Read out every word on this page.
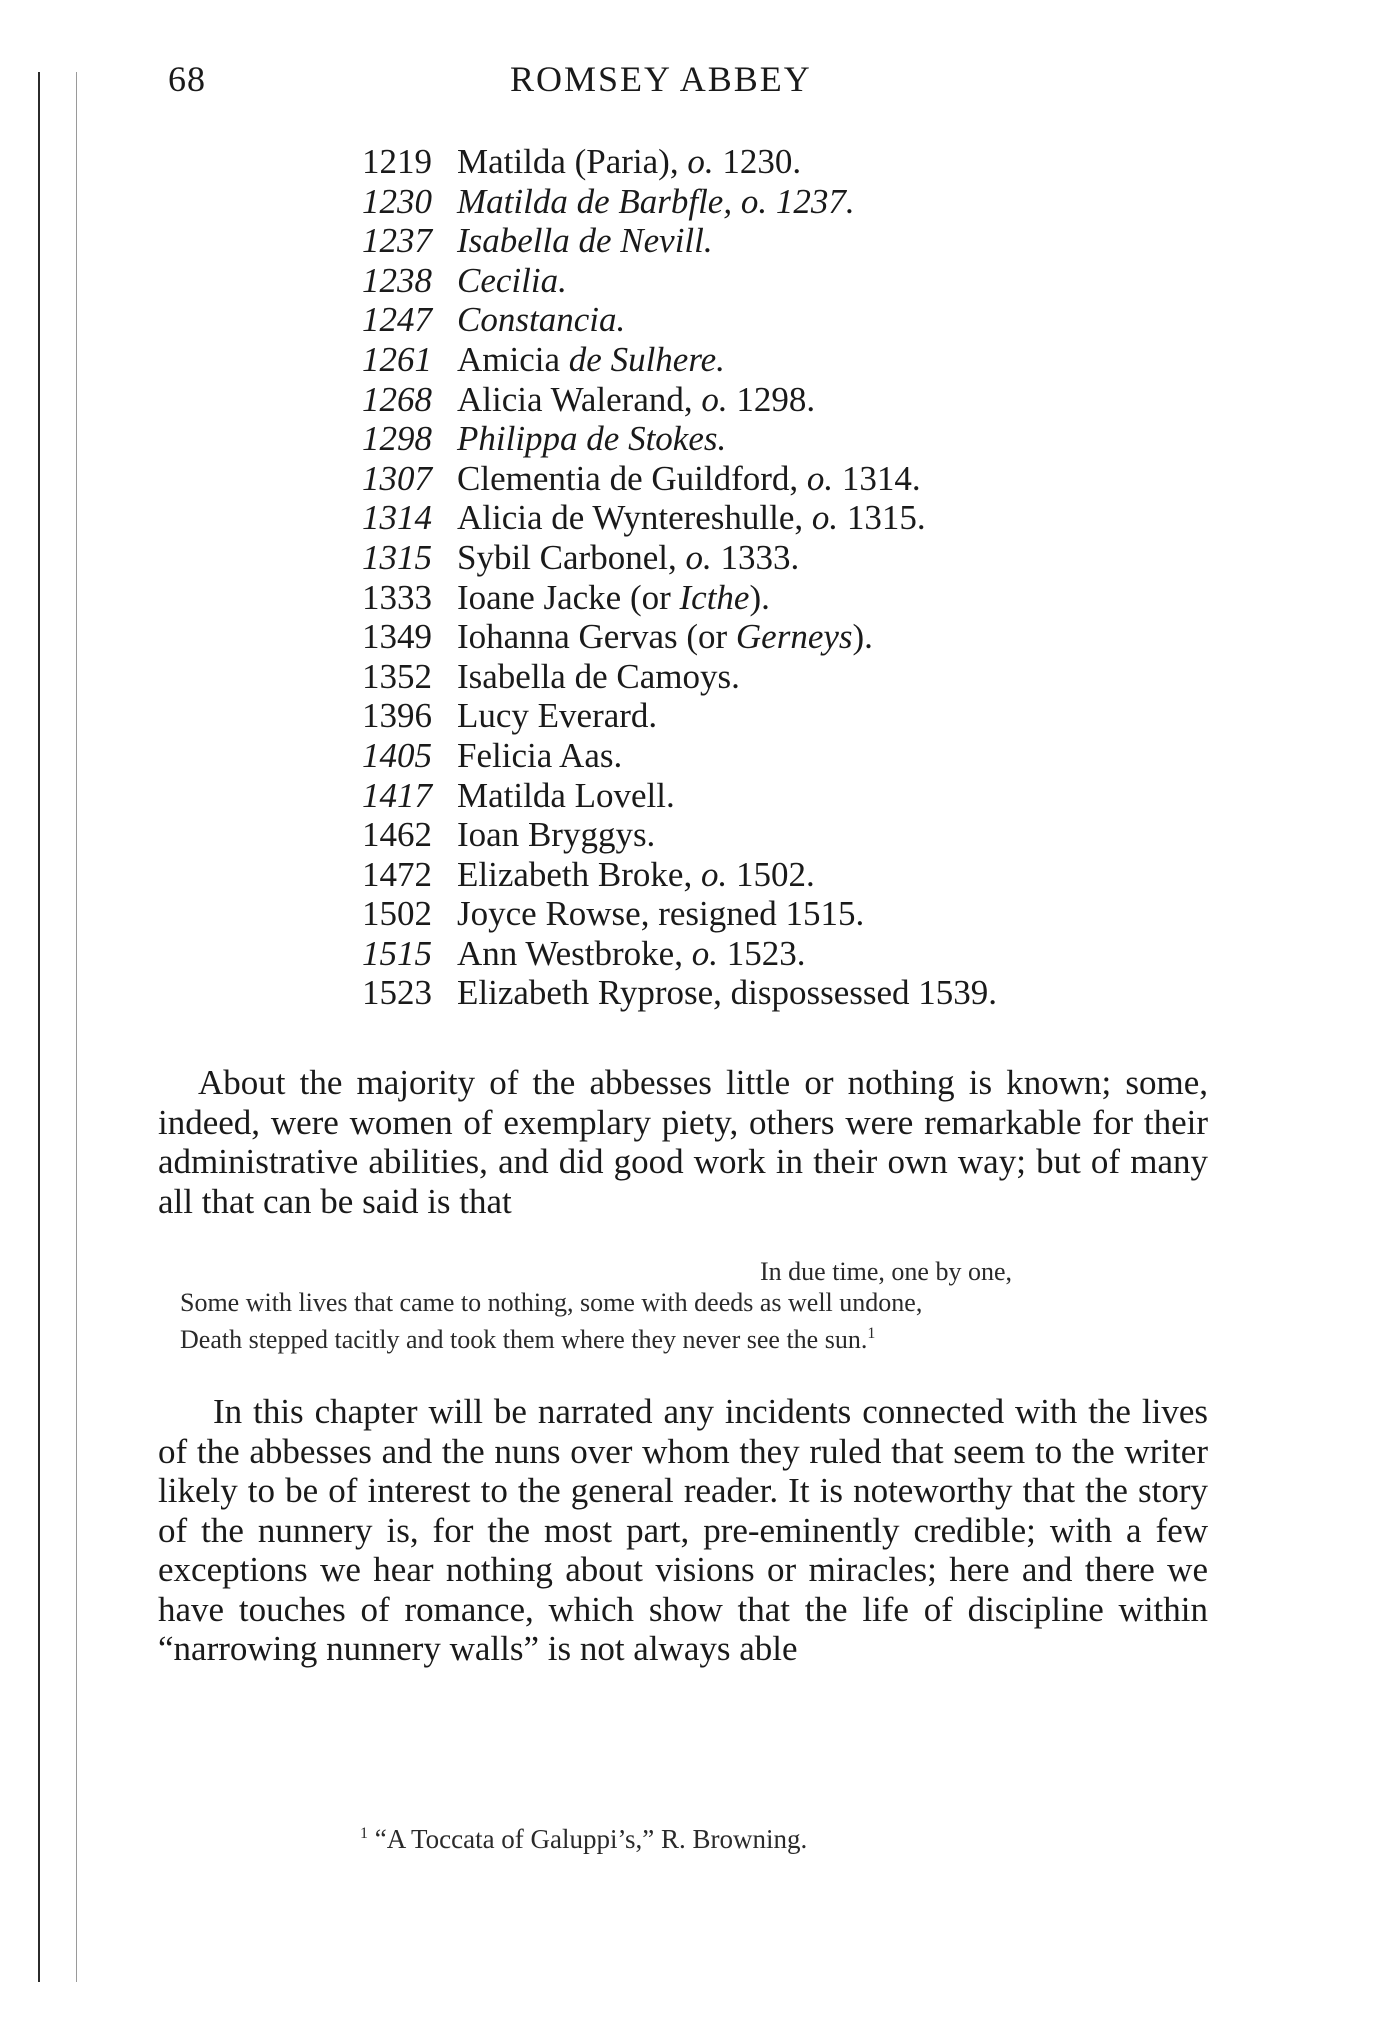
68	ROMSEY ABBEY
1219 Matilda (Paria), o. 1230.
1230 Matilda de Barbfle, o. 1237.
1237 Isabella de Nevill.
1238 Cecilia.
1247 Constancia.
1261 Amicia de Sulhere.
1268 Alicia Walerand, o. 1298.
1298 Philippa de Stokes.
1307 Clementia de Guildford, o. 1314.
1314 Alicia de Wyntereshulle, o. 1315.
1315 Sybil Carbonel, o. 1333.
1333 Ioane Jacke (or Icthe).
1349 Iohanna Gervas (or Gerneys).
1352 Isabella de Camoys.
1396 Lucy Everard.
1405 Felicia Aas.
1417 Matilda Lovell.
1462 Ioan Bryggys.
1472 Elizabeth Broke, o. 1502.
1502 Joyce Rowse, resigned 1515.
1515 Ann Westbroke, o. 1523.
1523 Elizabeth Ryprose, dispossessed 1539.

About the majority of the abbesses little or nothing is known; some, indeed, were women of exemplary piety, others were remarkable for their administrative abilities, and did good work in their own way; but of many all that can be said is that

In due time, one by one,
Some with lives that came to nothing, some with deeds as well undone,
Death stepped tacitly and took them where they never see the sun.$^1$

In this chapter will be narrated any incidents connected with the lives of the abbesses and the nuns over whom they ruled that seem to the writer likely to be of interest to the general reader. It is noteworthy that the story of the nunnery is, for the most part, pre-eminently credible; with a few exceptions we hear nothing about visions or miracles; here and there we have touches of romance, which show that the life of discipline within “narrowing nunnery walls” is not always able

$^1$ “A Toccata of Galuppi’s,” R. Browning.
